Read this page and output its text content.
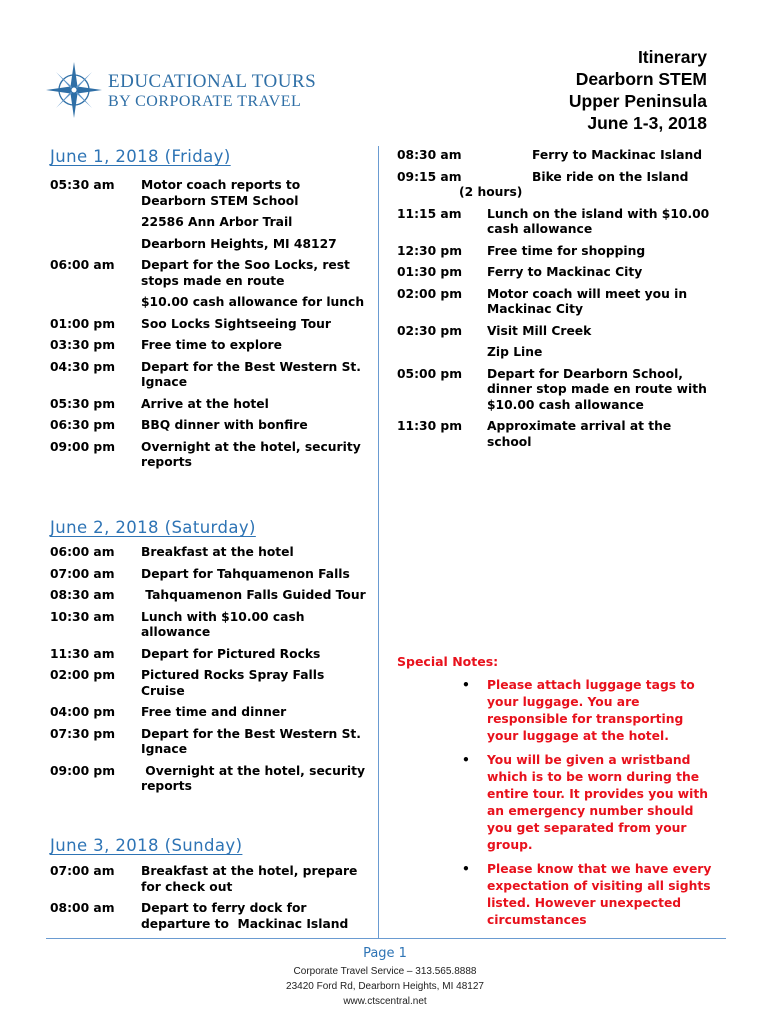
EDUCATIONAL TOURS
BY CORPORATE TRAVEL
Itinerary
Dearborn STEM
Upper Peninsula
June 1-3, 2018
June 1, 2018 (Friday)
05:30 am	Motor coach reports to Dearborn STEM School
22586 Ann Arbor Trail
Dearborn Heights, MI 48127
06:00 am	Depart for the Soo Locks, rest stops made en route
$10.00 cash allowance for lunch
01:00 pm	Soo Locks Sightseeing Tour
03:30 pm	Free time to explore
04:30 pm	Depart for the Best Western St. Ignace
05:30 pm	Arrive at the hotel
06:30 pm	BBQ dinner with bonfire
09:00 pm	Overnight at the hotel, security reports
June 2, 2018 (Saturday)
06:00 am	Breakfast at the hotel
07:00 am	Depart for Tahquamenon Falls
08:30 am	Tahquamenon Falls Guided Tour
10:30 am	Lunch with $10.00 cash allowance
11:30 am	Depart for Pictured Rocks
02:00 pm	Pictured Rocks Spray Falls Cruise
04:00 pm	Free time and dinner
07:30 pm	Depart for the Best Western St. Ignace
09:00 pm	Overnight at the hotel, security reports
June 3, 2018 (Sunday)
07:00 am	Breakfast at the hotel, prepare for check out
08:00 am	Depart to ferry dock for departure to  Mackinac Island
08:30 am	Ferry to Mackinac Island
09:15 am	Bike ride on the Island
(2 hours)
11:15 am	Lunch on the island with $10.00 cash allowance
12:30 pm	Free time for shopping
01:30 pm	Ferry to Mackinac City
02:00 pm	Motor coach will meet you in Mackinac City
02:30 pm	Visit Mill Creek
Zip Line
05:00 pm	Depart for Dearborn School, dinner stop made en route with $10.00 cash allowance
11:30 pm	Approximate arrival at the school
Special Notes:
• Please attach luggage tags to your luggage. You are responsible for transporting your luggage at the hotel.
• You will be given a wristband which is to be worn during the entire tour. It provides you with an emergency number should you get separated from your group.
• Please know that we have every expectation of visiting all sights listed. However unexpected circumstances
Page 1
Corporate Travel Service – 313.565.8888
23420 Ford Rd, Dearborn Heights, MI 48127
www.ctscentral.net
